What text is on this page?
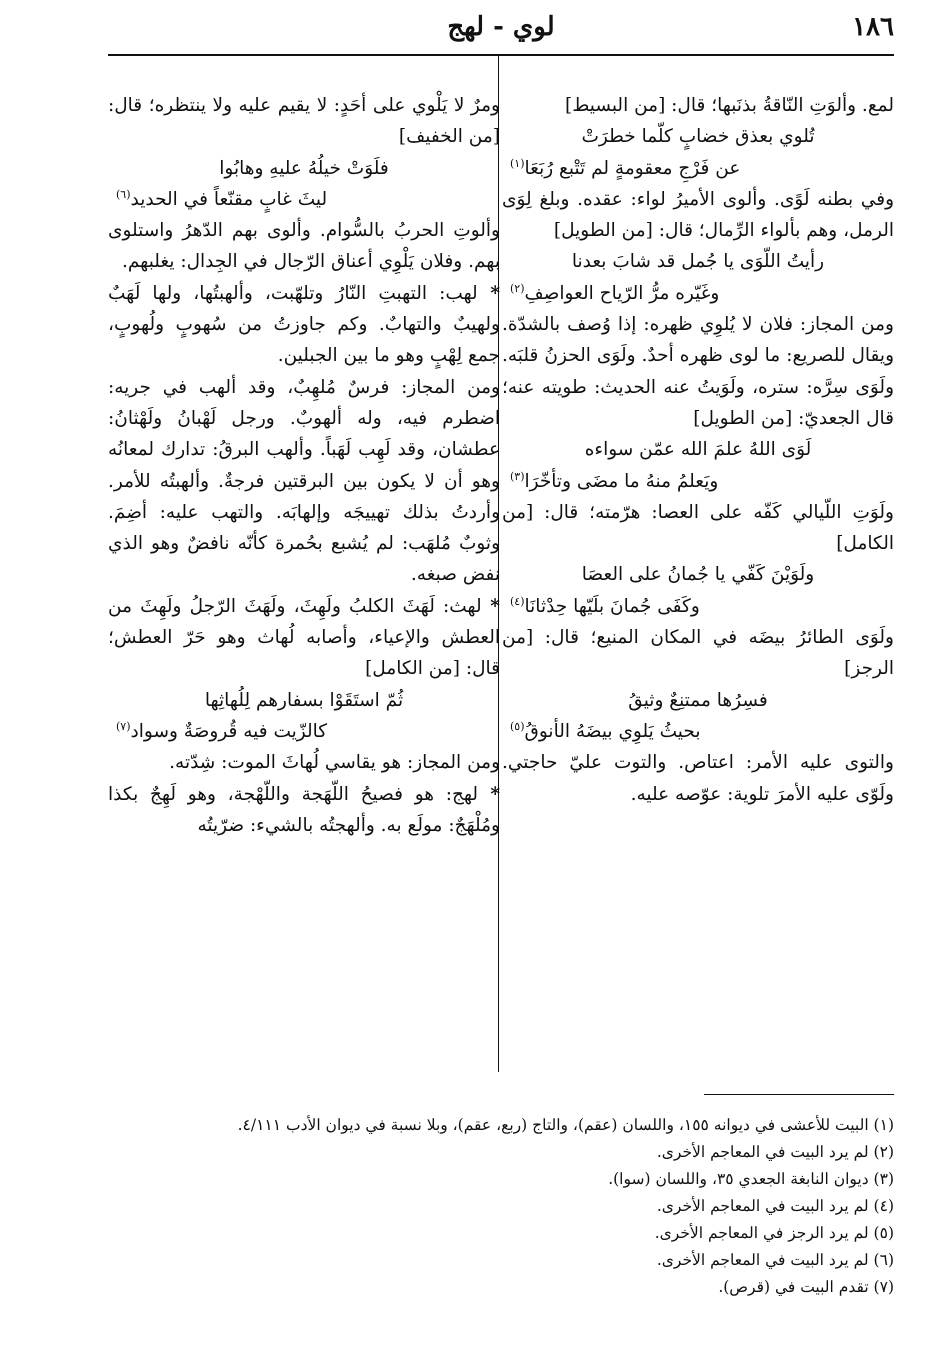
١٨٦
لوي - لهج

لمع. وألوَتِ النّاقةُ بذنَبها؛ قال: [من البسيط]

تُلوي بعذق خضابٍ كلّما خطرَتْ

عن فَرْجِ معقومةٍ لم تَتْبع رُبَعَا$^{(١)}$

وفي بطنه لَوًى. وألوى الأميرُ لواء: عقده. وبلغ لِوَى الرمل، وهم بألواء الرِّمال؛ قال: [من الطويل]

رأيتُ اللّوَى يا جُمل قد شابَ بعدنا

وغَيّره مرُّ الرّياح العواصِفِ$^{(٢)}$

ومن المجاز: فلان لا يُلوِي ظهره: إذا وُصف بالشدّة. ويقال للصريع: ما لوى ظهره أحدٌ. ولَوَى الحزنُ قلبَه. ولَوَى سِرَّه: ستره، ولَوَيتُ عنه الحديث: طويته عنه؛ قال الجعديّ: [من الطويل]

لَوَى اللهُ علمَ الله عمّن سواءه

ويَعلمُ منهُ ما مضَى وتأخّرَا$^{(٣)}$

ولَوَتِ اللّيالي كَفّه على العصا: هرّمته؛ قال: [من الكامل]

ولَوَيْنَ كَفّي يا جُمانُ على العصَا

وكَفَى جُمانَ بلَيّها حِدْثانَا$^{(٤)}$

ولَوَى الطائرُ بيضَه في المكان المنيع؛ قال: [من الرجز]

فسِرُها ممتنِعٌ وثيقُ

بحيثُ يَلوِي بيضَهُ الأنوقُ$^{(٥)}$

والتوى عليه الأمر: اعتاص. والتوت عليّ حاجتي. ولَوّى عليه الأمرَ تلوية: عوّصه عليه.

ومرٌ لا يَلْوي على أحَدٍ: لا يقيم عليه ولا ينتظره؛ قال: [من الخفيف]

فلَوَتْ خيلُهُ عليهِ وهابُوا

ليثَ غابٍ مقنّعاً في الحديد$^{(٦)}$

وألوتِ الحربُ بالسُّوام. وألوى بهم الدّهرُ واستلوى بهم. وفلان يَلْوِي أعناق الرّجال في الجِدال: يغلبهم.

* لهب: التهبتِ النّارُ وتلهّبت، وألهبتُها، ولها لَهَبٌ ولهيبٌ والتهابٌ. وكم جاوزتُ من سُهوبٍ ولُهوبٍ، جمع لِهْبٍ وهو ما بين الجبلين.

ومن المجاز: فرسٌ مُلهِبٌ، وقد ألهب في جريه: اضطرم فيه، وله ألهوبٌ. ورجل لَهْبانُ ولَهْثانُ: عطشان، وقد لَهِب لَهَباً. وألهب البرقُ: تدارك لمعانُه وهو أن لا يكون بين البرقتين فرجةٌ. وألهبتُه للأمر. وأردتُ بذلك تهييجَه وإلهابَه. والتهب عليه: أضِمَ. وثوبٌ مُلهَب: لم يُشبع بحُمرة كأنّه نافضٌ وهو الذي نفض صبغه.

* لهث: لَهَثَ الكلبُ ولَهِثَ، ولَهَثَ الرّجلُ ولَهِثَ من العطش والإعياء، وأصابه لُهاث وهو حَرّ العطش؛ قال: [من الكامل]

ثُمّ استَقَوْا بسفارهم لِلُهاثِها

كالزّيت فيه قُروصَةٌ وسواد$^{(٧)}$

ومن المجاز: هو يقاسي لُهاثَ الموت: شِدّته.

* لهج: هو فصيحُ اللّهَجة واللّهْجة، وهو لَهِجٌ بكذا ومُلْهَجٌ: مولَع به. وألهجتُه بالشيء: ضرّيتُه

(١) البيت للأعشى في ديوانه ١٥٥، واللسان (عقم)، والتاج (ربع، عقم)، وبلا نسبة في ديوان الأدب ٤/١١١.

(٢) لم يرد البيت في المعاجم الأخرى.

(٣) ديوان النابغة الجعدي ٣٥، واللسان (سوا).

(٤) لم يرد البيت في المعاجم الأخرى.

(٥) لم يرد الرجز في المعاجم الأخرى.

(٦) لم يرد البيت في المعاجم الأخرى.

(٧) تقدم البيت في (قرص).
